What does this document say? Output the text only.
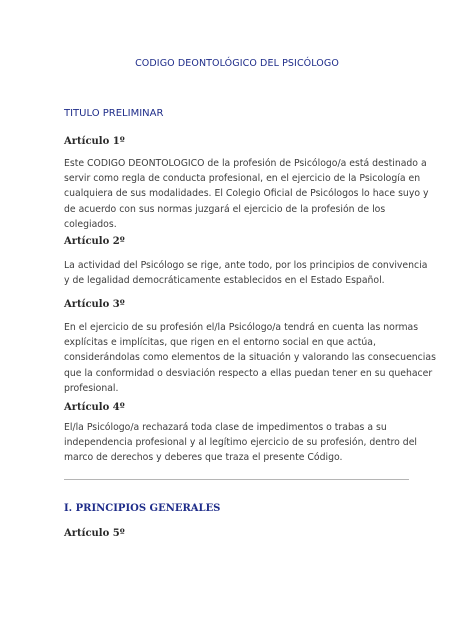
CODIGO DEONTOLÓGICO DEL PSICÓLOGO
TITULO PRELIMINAR
Artículo 1º
Este CODIGO DEONTOLOGICO de la profesión de Psicólogo/a está destinado a
servir como regla de conducta profesional, en el ejercicio de la Psicología en
cualquiera de sus modalidades. El Colegio Oficial de Psicólogos lo hace suyo y
de acuerdo con sus normas juzgará el ejercicio de la profesión de los
colegiados.
Artículo 2º
La actividad del Psicólogo se rige, ante todo, por los principios de convivencia
y de legalidad democráticamente establecidos en el Estado Español.
Artículo 3º
En el ejercicio de su profesión el/la Psicólogo/a tendrá en cuenta las normas
explícitas e implícitas, que rigen en el entorno social en que actúa,
considerándolas como elementos de la situación y valorando las consecuencias
que la conformidad o desviación respecto a ellas puedan tener en su quehacer
profesional.
Artículo 4º
El/la Psicólogo/a rechazará toda clase de impedimentos o trabas a su
independencia profesional y al legítimo ejercicio de su profesión, dentro del
marco de derechos y deberes que traza el presente Código.
I. PRINCIPIOS GENERALES
Artículo 5º
